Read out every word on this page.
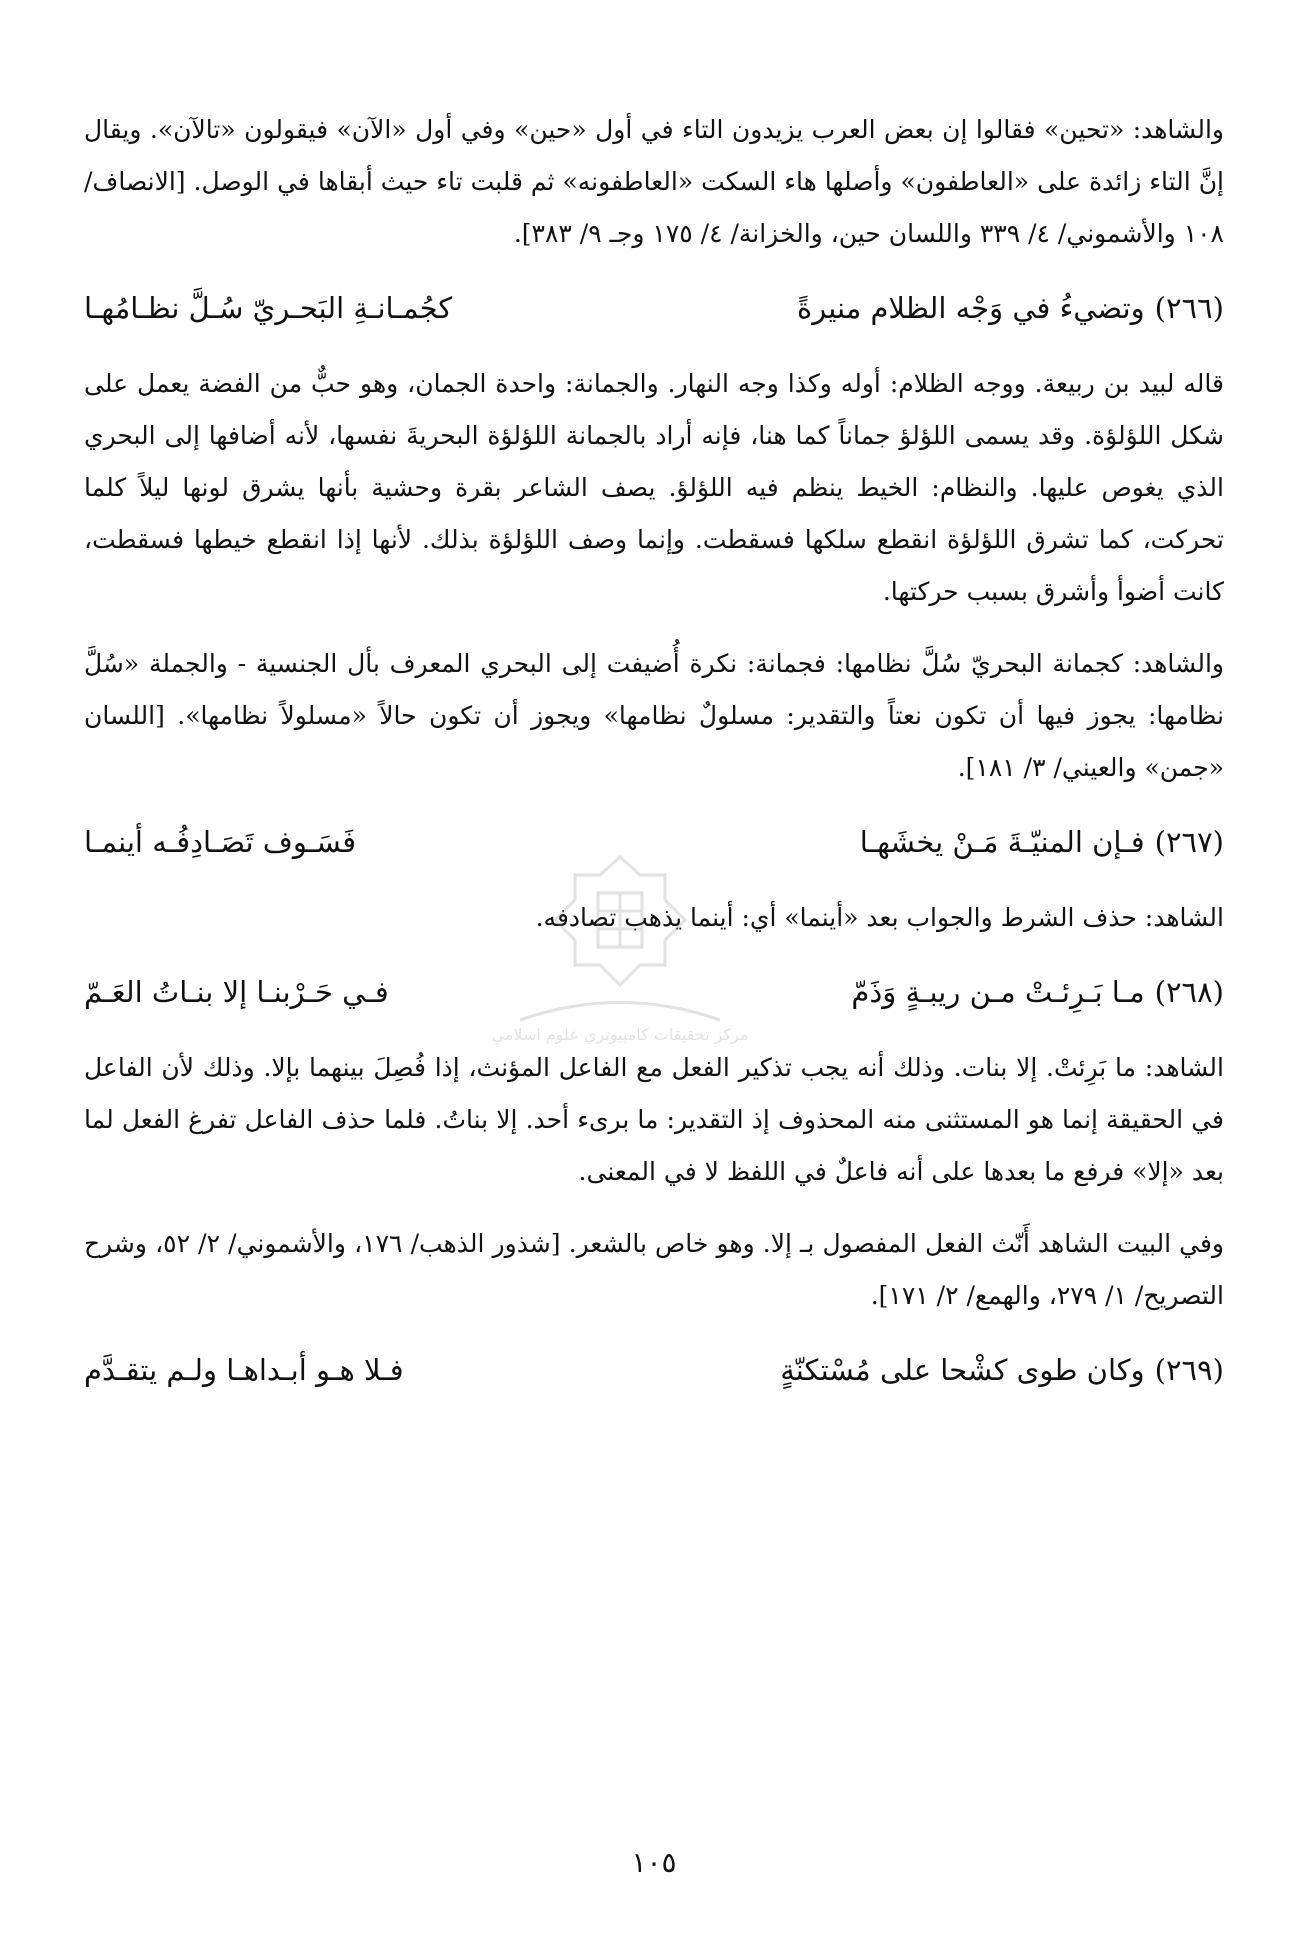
والشاهد: «تحين» فقالوا إن بعض العرب يزيدون التاء في أول «حين» وفي أول «الآن» فيقولون «تالآن». ويقال إنَّ التاء زائدة على «العاطفون» وأصلها هاء السكت «العاطفونه» ثم قلبت تاء حيث أبقاها في الوصل. [الانصاف/ ١٠٨ والأشموني/ ٤/ ٣٣٩ واللسان حين، والخزانة/ ٤/ ١٧٥ وجـ ٩/ ٣٨٣].

(٢٦٦)
وتضيءُ في وَجْه الظلام منيرةً
كجُمـانـةِ البَحـريّ سُـلَّ نظـامُهـا

قاله لبيد بن ربيعة. ووجه الظلام: أوله وكذا وجه النهار. والجمانة: واحدة الجمان، وهو حبٌّ من الفضة يعمل على شكل اللؤلؤة. وقد يسمى اللؤلؤ جماناً كما هنا، فإنه أراد بالجمانة اللؤلؤة البحريةَ نفسها، لأنه أضافها إلى البحري الذي يغوص عليها. والنظام: الخيط ينظم فيه اللؤلؤ. يصف الشاعر بقرة وحشية بأنها يشرق لونها ليلاً كلما تحركت، كما تشرق اللؤلؤة انقطع سلكها فسقطت. وإنما وصف اللؤلؤة بذلك. لأنها إذا انقطع خيطها فسقطت، كانت أضوأ وأشرق بسبب حركتها.

والشاهد: كجمانة البحريّ سُلَّ نظامها: فجمانة: نكرة أُضيفت إلى البحري المعرف بأل الجنسية - والجملة «سُلَّ نظامها: يجوز فيها أن تكون نعتاً والتقدير: مسلولٌ نظامها» ويجوز أن تكون حالاً «مسلولاً نظامها». [اللسان «جمن» والعيني/ ٣/ ١٨١].

(٢٦٧)
فـإن المنيّـةَ مَـنْ يخشَهـا
فَسَـوف تَصَـادِفُـه أينمـا

الشاهد: حذف الشرط والجواب بعد «أينما» أي: أينما يذهب تصادفه.

(٢٦٨)
مـا بَـرِئـتْ مـن ريبـةٍ وَذَمّ
فـي حَـرْبنـا إلا بنـاتُ العَـمّ

الشاهد: ما بَرِئتْ. إلا بنات. وذلك أنه يجب تذكير الفعل مع الفاعل المؤنث، إذا فُصِلَ بينهما بإلا. وذلك لأن الفاعل في الحقيقة إنما هو المستثنى منه المحذوف إذ التقدير: ما برىء أحد. إلا بناتُ. فلما حذف الفاعل تفرغ الفعل لما بعد «إلا» فرفع ما بعدها على أنه فاعلٌ في اللفظ لا في المعنى.

وفي البيت الشاهد أَنّث الفعل المفصول بـ إلا. وهو خاص بالشعر. [شذور الذهب/ ١٧٦، والأشموني/ ٢/ ٥٢، وشرح التصريح/ ١/ ٢٧٩، والهمع/ ٢/ ١٧١].

(٢٦٩)
وكان طوى كشْحا على مُسْتكنّةٍ
فـلا هـو أبـداهـا ولـم يتقـدَّم
مركز تحقيقات كامپيوتري علوم اسلامي
١٠٥
